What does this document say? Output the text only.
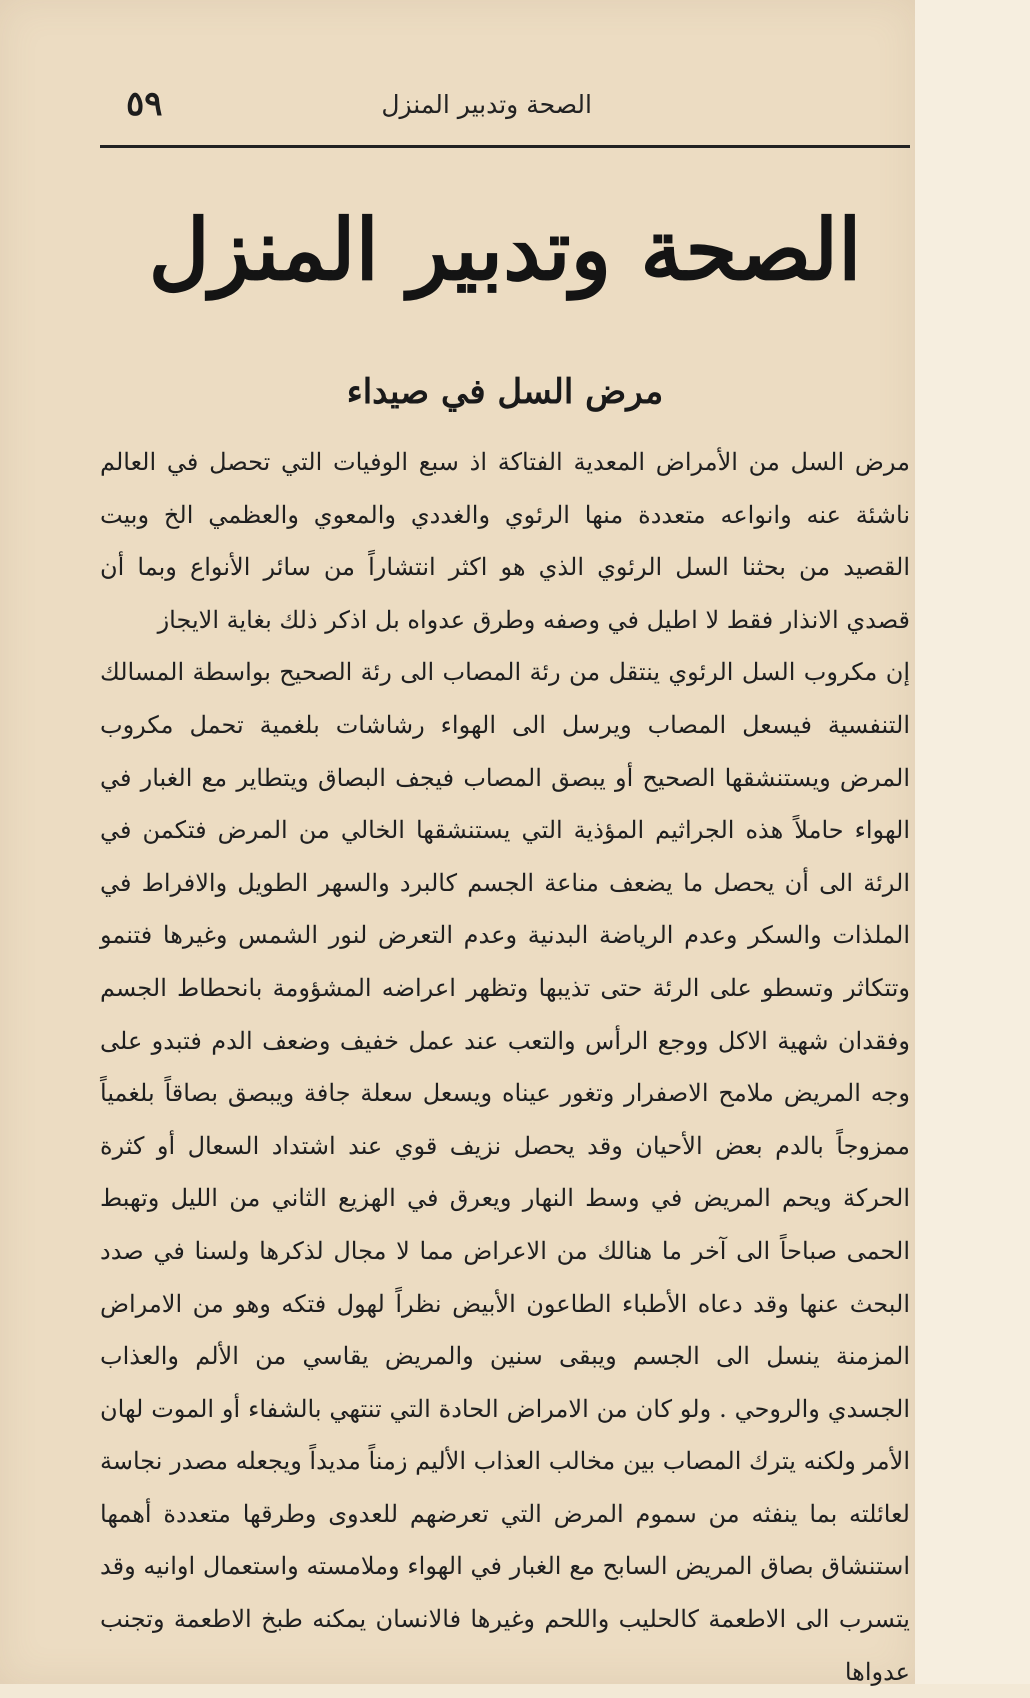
الصحة وتدبير المنزل
٥٩
الصحة وتدبير المنزل
مرض السل في صيداء

مرض السل من الأمراض المعدية الفتاكة اذ سبع الوفيات التي تحصل في العالم ناشئة عنه وانواعه متعددة منها الرئوي والغددي والمعوي والعظمي الخ وبيت القصيد من بحثنا السل الرئوي الذي هو اكثر انتشاراً من سائر الأنواع وبما أن قصدي الانذار فقط لا اطيل في وصفه وطرق عدواه بل اذكر ذلك بغاية الايجاز

إن مكروب السل الرئوي ينتقل من رئة المصاب الى رئة الصحيح بواسطة المسالك التنفسية فيسعل المصاب ويرسل الى الهواء رشاشات بلغمية تحمل مكروب المرض ويستنشقها الصحيح أو يبصق المصاب فيجف البصاق ويتطاير مع الغبار في الهواء حاملاً هذه الجراثيم المؤذية التي يستنشقها الخالي من المرض فتكمن في الرئة الى أن يحصل ما يضعف مناعة الجسم كالبرد والسهر الطويل والافراط في الملذات والسكر وعدم الرياضة البدنية وعدم التعرض لنور الشمس وغيرها فتنمو وتتكاثر وتسطو على الرئة حتى تذيبها وتظهر اعراضه المشؤومة بانحطاط الجسم وفقدان شهية الاكل ووجع الرأس والتعب عند عمل خفيف وضعف الدم فتبدو على وجه المريض ملامح الاصفرار وتغور عيناه ويسعل سعلة جافة ويبصق بصاقاً بلغمياً ممزوجاً بالدم بعض الأحيان وقد يحصل نزيف قوي عند اشتداد السعال أو كثرة الحركة ويحم المريض في وسط النهار ويعرق في الهزيع الثاني من الليل وتهبط الحمى صباحاً الى آخر ما هنالك من الاعراض مما لا مجال لذكرها ولسنا في صدد البحث عنها وقد دعاه الأطباء الطاعون الأبيض نظراً لهول فتكه وهو من الامراض المزمنة ينسل الى الجسم ويبقى سنين والمريض يقاسي من الألم والعذاب الجسدي والروحي . ولو كان من الامراض الحادة التي تنتهي بالشفاء أو الموت لهان الأمر ولكنه يترك المصاب بين مخالب العذاب الأليم زمناً مديداً ويجعله مصدر نجاسة لعائلته بما ينفثه من سموم المرض التي تعرضهم للعدوى وطرقها متعددة أهمها استنشاق بصاق المريض السابح مع الغبار في الهواء وملامسته واستعمال اوانيه وقد يتسرب الى الاطعمة كالحليب واللحم وغيرها فالانسان يمكنه طبخ الاطعمة وتجنب عدواها
